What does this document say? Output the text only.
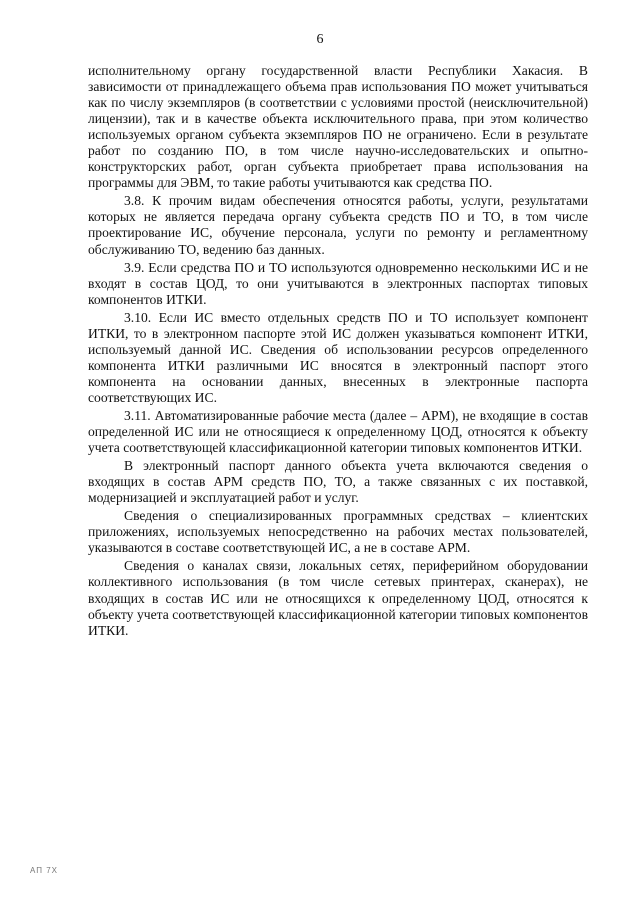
6

исполнительному органу государственной власти Республики Хакасия. В зависимости от принадлежащего объема прав использования ПО может учитываться как по числу экземпляров (в соответствии с условиями простой (неисключительной) лицензии), так и в качестве объекта исключительного права, при этом количество используемых органом субъекта экземпляров ПО не ограничено. Если в результате работ по созданию ПО, в том числе научно-исследовательских и опытно-конструкторских работ, орган субъекта приобретает права использования на программы для ЭВМ, то такие работы учитываются как средства ПО.

3.8. К прочим видам обеспечения относятся работы, услуги, результатами которых не является передача органу субъекта средств ПО и ТО, в том числе проектирование ИС, обучение персонала, услуги по ремонту и регламентному обслуживанию ТО, ведению баз данных.

3.9. Если средства ПО и ТО используются одновременно несколькими ИС и не входят в состав ЦОД, то они учитываются в электронных паспортах типовых компонентов ИТКИ.

3.10. Если ИС вместо отдельных средств ПО и ТО использует компонент ИТКИ, то в электронном паспорте этой ИС должен указываться компонент ИТКИ, используемый данной ИС. Сведения об использовании ресурсов определенного компонента ИТКИ различными ИС вносятся в электронный паспорт этого компонента на основании данных, внесенных в электронные паспорта соответствующих ИС.

3.11. Автоматизированные рабочие места (далее – АРМ), не входящие в состав определенной ИС или не относящиеся к определенному ЦОД, относятся к объекту учета соответствующей классификационной категории типовых компонентов ИТКИ.

В электронный паспорт данного объекта учета включаются сведения о входящих в состав АРМ средств ПО, ТО, а также связанных с их поставкой, модернизацией и эксплуатацией работ и услуг.

Сведения о специализированных программных средствах – клиентских приложениях, используемых непосредственно на рабочих местах пользователей, указываются в составе соответствующей ИС, а не в составе АРМ.

Сведения о каналах связи, локальных сетях, периферийном оборудовании коллективного использования (в том числе сетевых принтерах, сканерах), не входящих в состав ИС или не относящихся к определенному ЦОД, относятся к объекту учета соответствующей классификационной категории типовых компонентов ИТКИ.

АП 7Х
